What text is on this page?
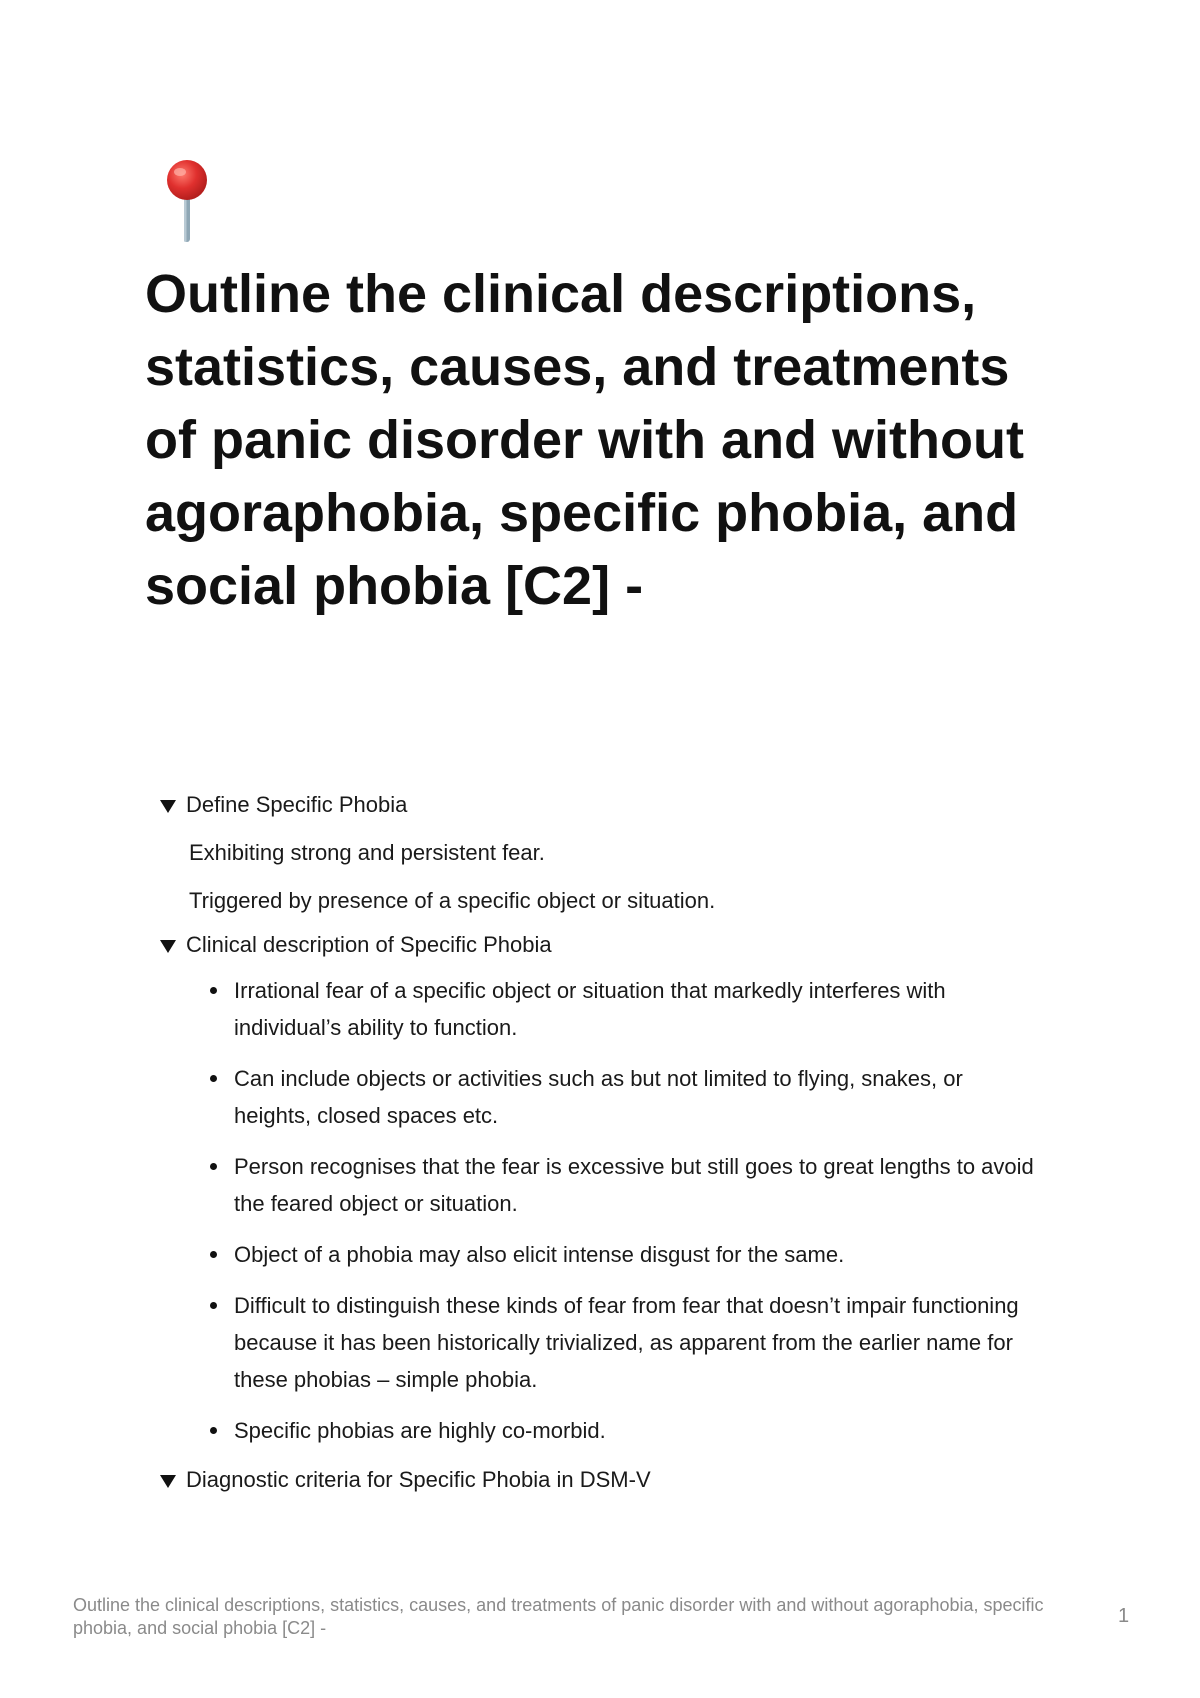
Outline the clinical descriptions, statistics, causes, and treatments of panic disorder with and without agoraphobia, specific phobia, and social phobia [C2] -
Define Specific Phobia

Exhibiting strong and persistent fear.

Triggered by presence of a specific object or situation.

Clinical description of Specific Phobia
Irrational fear of a specific object or situation that markedly interferes with individual’s ability to function.
Can include objects or activities such as but not limited to flying, snakes, or heights, closed spaces etc.
Person recognises that the fear is excessive but still goes to great lengths to avoid the feared object or situation.
Object of a phobia may also elicit intense disgust for the same.
Difficult to distinguish these kinds of fear from fear that doesn’t impair functioning because it has been historically trivialized, as apparent from the earlier name for these phobias – simple phobia.
Specific phobias are highly co-morbid.
Diagnostic criteria for Specific Phobia in DSM-V
Outline the clinical descriptions, statistics, causes, and treatments of panic disorder with and without agoraphobia, specific phobia, and social phobia [C2] -
1
